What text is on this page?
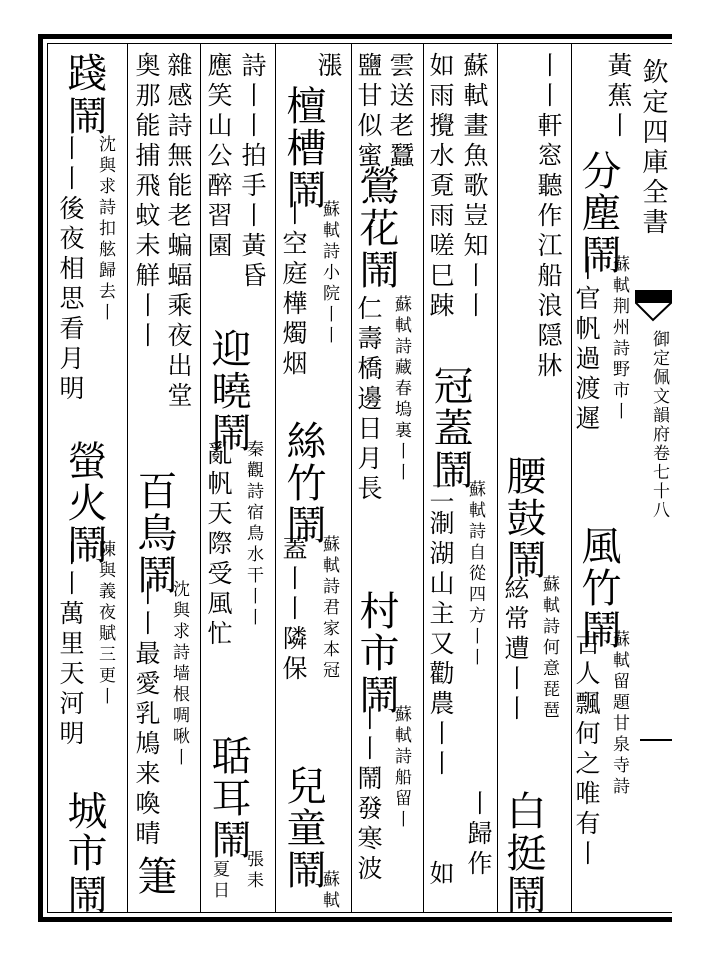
欽定四庫全書
御定佩文韻府卷七十八
黃蕉丨
分
塵鬧
蘇軾荆州詩野市丨
丨官帆過渡遲
風竹鬧
蘇軾留題甘泉寺詩
古人飄何之唯有丨
丨丨軒窓聽作江船浪隠牀
腰鼓鬧
蘇軾詩何意琵琶
絃常遭丨丨
白挺鬧
蘇軾畫魚歌豈知丨丨
冠蓋鬧
蘇軾詩自從四方丨丨
丨歸作
如雨攪水覔雨嗟巳踈
二淛湖山主又勸農丨丨
如
雲送老蠶
鶯花鬧
蘇軾詩藏春塢裏丨丨
村市鬧
蘇軾詩船留丨
鹽甘似蜜
仁壽橋邊日月長
丨丨鬧發寒波
漲
檀槽鬧
蘇軾詩小院丨丨
絲竹鬧
蘇軾詩君家本冠
兒童鬧
蘇軾
丨空庭樺燭烟
蓋丨丨隣保
詩丨丨拍手丨黃昏
迎曉鬧
秦觀詩宿鳥水干丨丨
聒耳鬧
張耒
應笑山公醉習園
亂帆天際受風忙
夏日
雜感詩無能老蝙蝠乘夜出堂
百鳥鬧
沈與求詩墙根啁啾丨
箑
奥那能捕飛蚊未觧丨丨
丨丨最愛乳鳩来喚晴
踐
鬧
沈與求詩扣舷歸去丨
螢火鬧
陳與義夜賦三更丨
城市鬧
丨丨後夜相思看月明
丨丨萬里天河明
